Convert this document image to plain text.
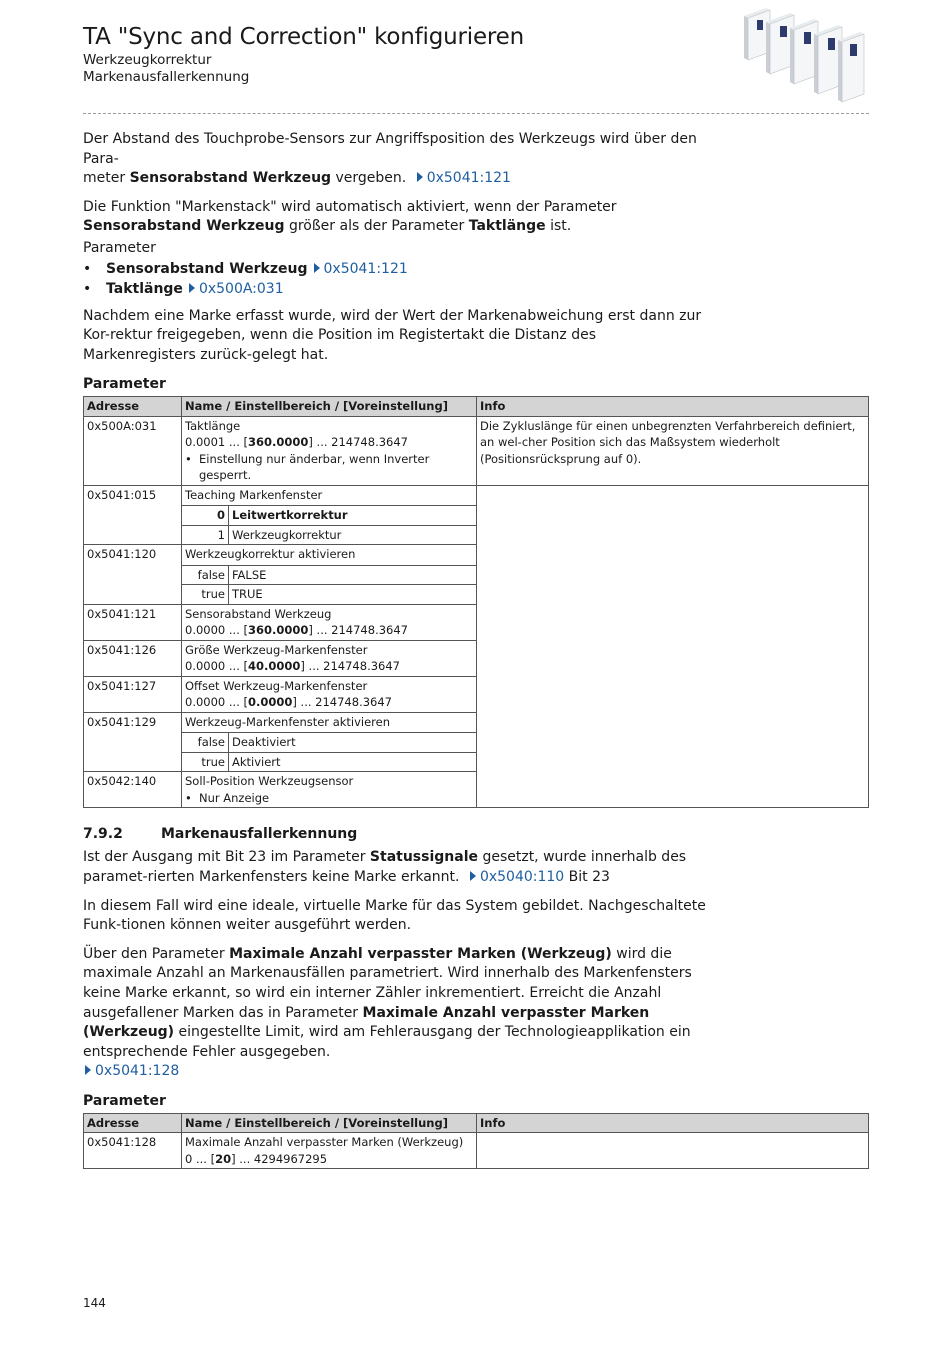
TA "Sync and Correction" konfigurieren
Werkzeugkorrektur
Markenausfallerkennung

Der Abstand des Touchprobe-Sensors zur Angriffsposition des Werkzeugs wird über den Para-
meter Sensorabstand Werkzeug vergeben. 0x5041:121

Die Funktion "Markenstack" wird automatisch aktiviert, wenn der Parameter Sensorabstand Werkzeug größer als der Parameter Taktlänge ist.

Parameter
• Sensorabstand Werkzeug 0x5041:121
• Taktlänge 0x500A:031

Nachdem eine Marke erfasst wurde, wird der Wert der Markenabweichung erst dann zur Kor-rektur freigegeben, wenn die Position im Registertakt die Distanz des Markenregisters zurück-gelegt hat.

Parameter
Adresse	Name / Einstellbereich / [Voreinstellung]	Info
0x500A:031	Taktlänge
0.0001 ... [360.0000] ... 214748.3647
• Einstellung nur änderbar, wenn Inverter gesperrt.
	Die Zykluslänge für einen unbegrenzten Verfahrbereich definiert, an wel-cher Position sich das Maßsystem wiederholt (Positionsrücksprung auf 0).
0x5041:015	Teaching Markenfenster
0	Leitwertkorrektur
1	Werkzeugkorrektur

0x5041:120	Werkzeugkorrektur aktivieren
false	FALSE
true	TRUE

0x5041:121	Sensorabstand Werkzeug
0.0000 ... [360.0000] ... 214748.3647

0x5041:126	Größe Werkzeug-Markenfenster
0.0000 ... [40.0000] ... 214748.3647

0x5041:127	Offset Werkzeug-Markenfenster
0.0000 ... [0.0000] ... 214748.3647

0x5041:129	Werkzeug-Markenfenster aktivieren
false	Deaktiviert
true	Aktiviert

0x5042:140	Soll-Position Werkzeugsensor
• Nur Anzeige
7.9.2	Markenausfallerkennung

Ist der Ausgang mit Bit 23 im Parameter Statussignale gesetzt, wurde innerhalb des paramet-rierten Markenfensters keine Marke erkannt. 0x5040:110 Bit 23

In diesem Fall wird eine ideale, virtuelle Marke für das System gebildet. Nachgeschaltete Funk-tionen können weiter ausgeführt werden.

Über den Parameter Maximale Anzahl verpasster Marken (Werkzeug) wird die maximale Anzahl an Markenausfällen parametriert. Wird innerhalb des Markenfensters keine Marke erkannt, so wird ein interner Zähler inkrementiert. Erreicht die Anzahl ausgefallener Marken das in Parameter Maximale Anzahl verpasster Marken (Werkzeug) eingestellte Limit, wird am Fehlerausgang der Technologieapplikation ein entsprechende Fehler ausgegeben.
0x5041:128

Parameter
Adresse	Name / Einstellbereich / [Voreinstellung]	Info
0x5041:128	Maximale Anzahl verpasster Marken (Werkzeug)
0 ... [20] ... 4294967295	

144
